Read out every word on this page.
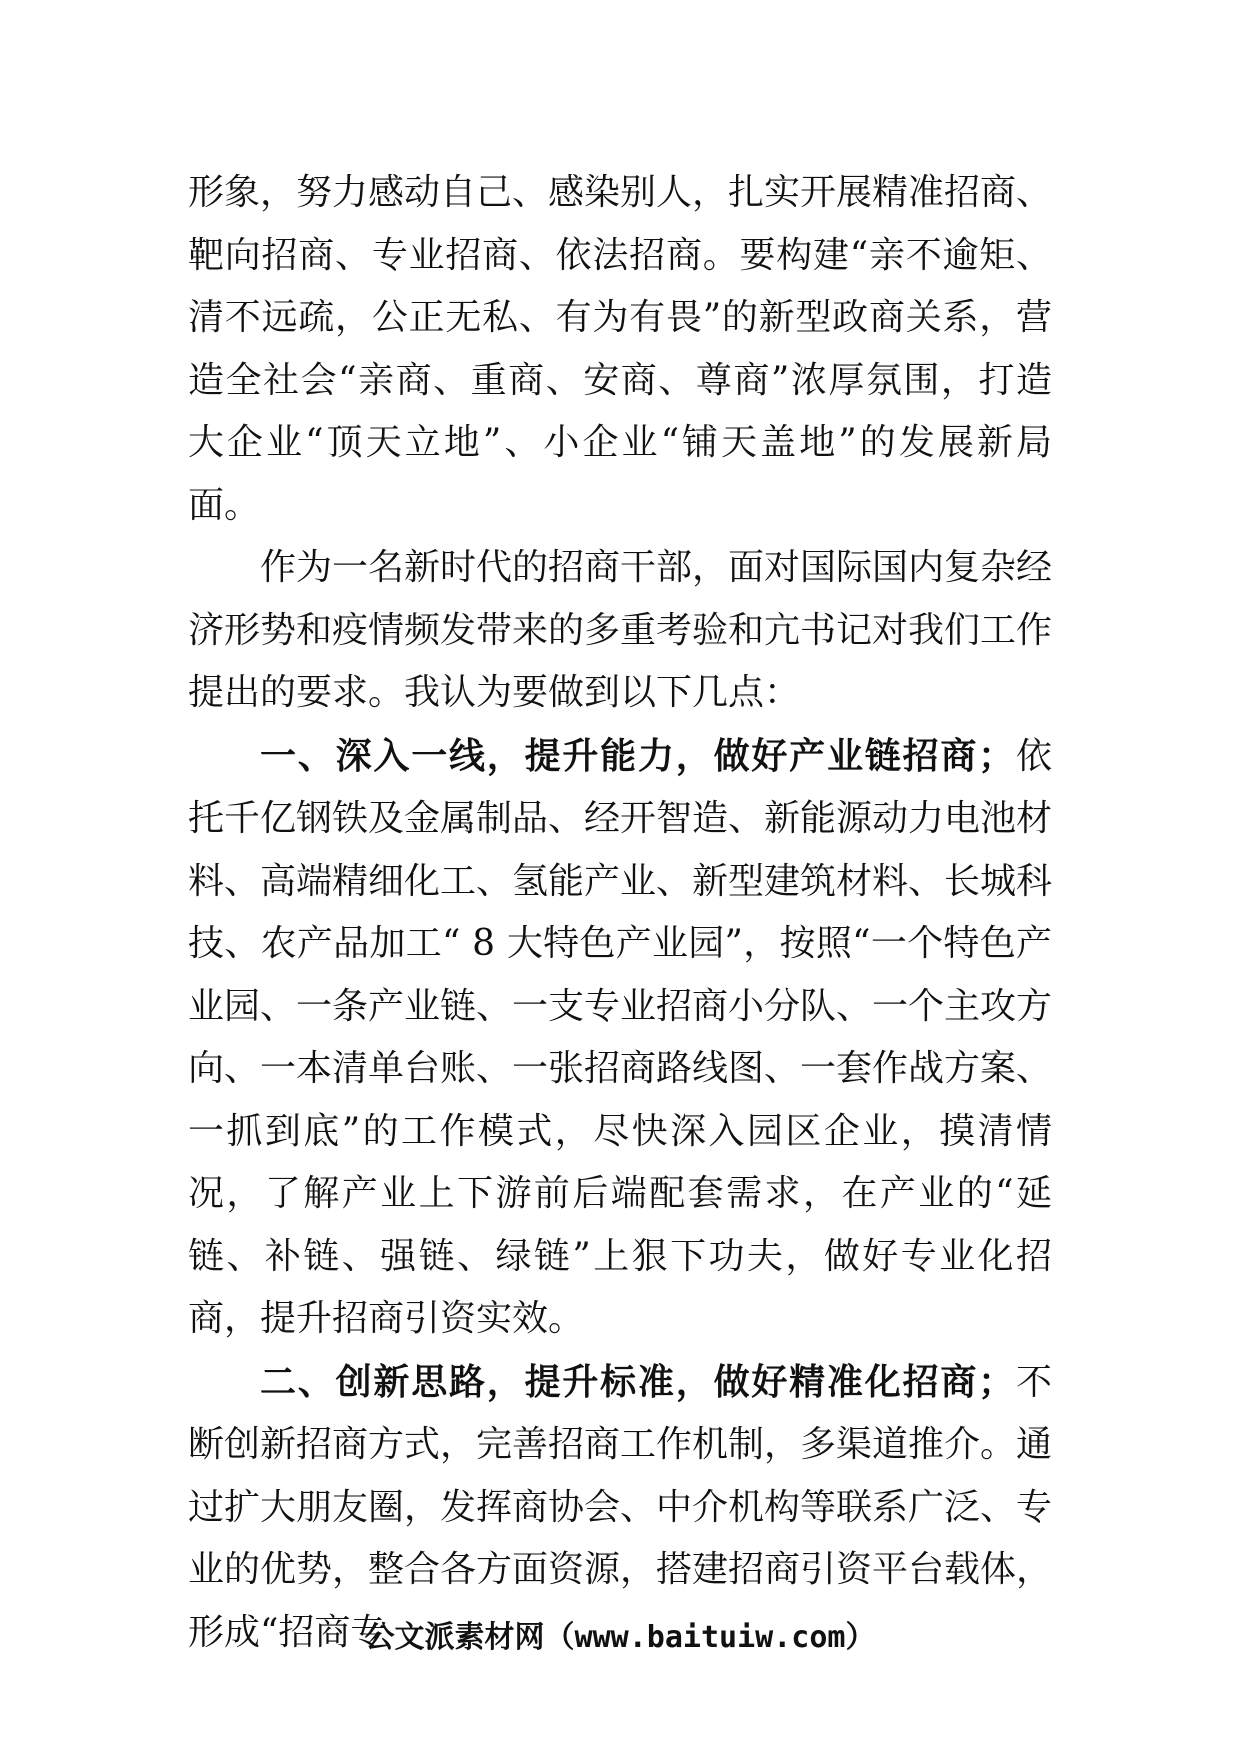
形象，努力感动自己、感染别人，扎实开展精准招商、靶向招商、专业招商、依法招商。要构建“亲不逾矩、清不远疏，公正无私、有为有畏”的新型政商关系，营造全社会“亲商、重商、安商、尊商”浓厚氛围，打造大企业“顶天立地”、小企业“铺天盖地”的发展新局面。

作为一名新时代的招商干部，面对国际国内复杂经济形势和疫情频发带来的多重考验和亢书记对我们工作提出的要求。我认为要做到以下几点：

一、深入一线，提升能力，做好产业链招商；依托千亿钢铁及金属制品、经开智造、新能源动力电池材料、高端精细化工、氢能产业、新型建筑材料、长城科技、农产品加工“ 8 大特色产业园”，按照“一个特色产业园、一条产业链、一支专业招商小分队、一个主攻方向、一本清单台账、一张招商路线图、一套作战方案、一抓到底”的工作模式，尽快深入园区企业，摸清情况，了解产业上下游前后端配套需求，在产业的“延链、补链、强链、绿链”上狠下功夫，做好专业化招商，提升招商引资实效。

二、创新思路，提升标准，做好精准化招商；不断创新招商方式，完善招商工作机制，多渠道推介。通过扩大朋友圈，发挥商协会、中介机构等联系广泛、专业的优势，整合各方面资源，搭建招商引资平台载体，形成“招商专

公文派素材网（www.baituiw.com）
